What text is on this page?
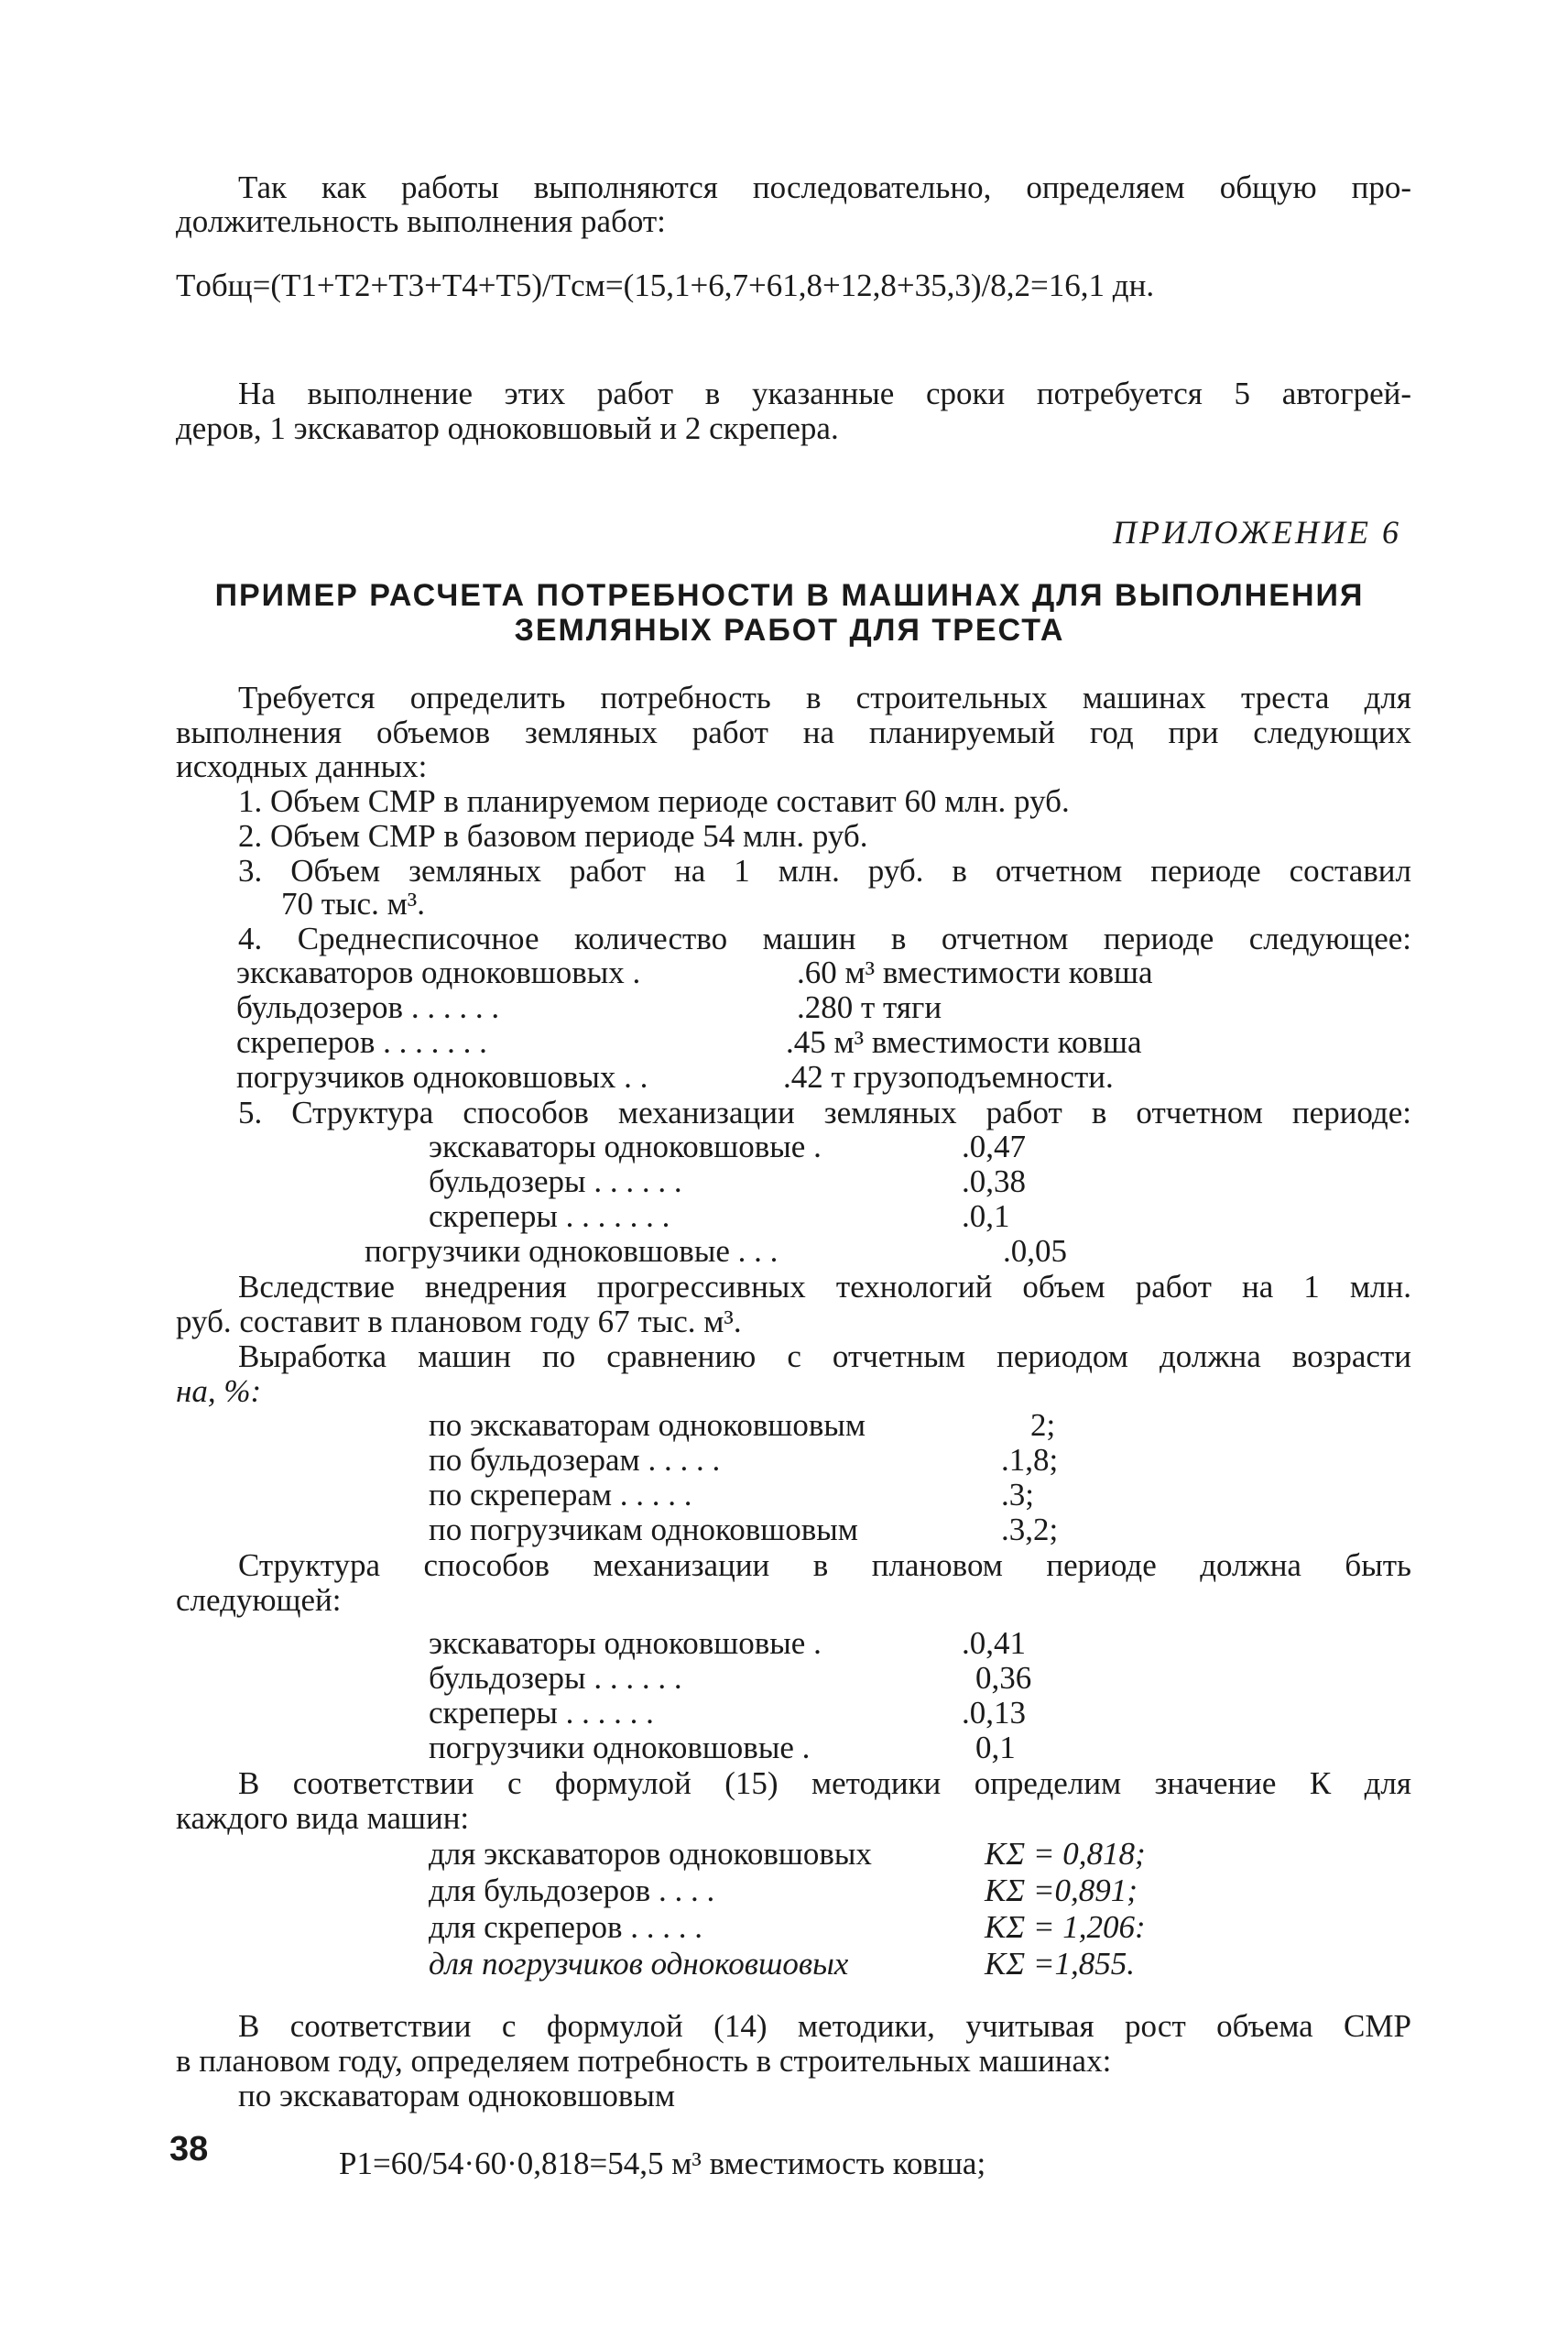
Так как работы выполняются последовательно, определяем общую про-
должительность выполнения работ:
Tобщ=(T1+T2+T3+T4+T5)/Tсм=(15,1+6,7+61,8+12,8+35,3)/8,2=16,1 дн.
На выполнение этих работ в указанные сроки потребуется 5 автогрей-
деров, 1 экскаватор одноковшовый и 2 скрепера.
ПРИЛОЖЕНИЕ 6
ПРИМЕР РАСЧЕТА ПОТРЕБНОСТИ В МАШИНАХ ДЛЯ ВЫПОЛНЕНИЯ
ЗЕМЛЯНЫХ РАБОТ ДЛЯ ТРЕСТА
Требуется определить потребность в строительных машинах треста для
выполнения объемов земляных работ на планируемый год при следующих
исходных данных:
1. Объем СМР в планируемом периоде составит 60 млн. руб.
2. Объем СМР в базовом периоде 54 млн. руб.
3. Объем земляных работ на 1 млн. руб. в отчетном периоде составил
70 тыс. м³.
4. Среднесписочное количество машин в отчетном периоде следующее:
экскаваторов одноковшовых .	.60 м³ вместимости ковша
бульдозеров . . . . . .	.280 т тяги
скреперов . . . . . . .	.45 м³ вместимости ковша
погрузчиков одноковшовых . .	.42 т грузоподъемности.
5. Структура способов механизации земляных работ в отчетном периоде:
экскаваторы одноковшовые .	.0,47
бульдозеры . . . . . .	.0,38
скреперы . . . . . . .	.0,1
погрузчики одноковшовые . . .	.0,05
Вследствие внедрения прогрессивных технологий объем работ на 1 млн.
руб. составит в плановом году 67 тыс. м³.
Выработка машин по сравнению с отчетным периодом должна возрасти
на, %:
по экскаваторам одноковшовым	2;
по бульдозерам . . . . .	.1,8;
по скреперам . . . . .	.3;
по погрузчикам одноковшовым	.3,2;
Структура способов механизации в плановом периоде должна быть
следующей:
экскаваторы одноковшовые .	.0,41
бульдозеры . . . . . .	0,36
скреперы . . . . . .	.0,13
погрузчики одноковшовые .	0,1
В соответствии с формулой (15) методики определим значение К для
каждого вида машин:
для экскаваторов одноковшовых	KΣ = 0,818;
для бульдозеров . . . .	KΣ =0,891;
для скреперов . . . . .	KΣ = 1,206:
для погрузчиков одноковшовых	KΣ =1,855.
В соответствии с формулой (14) методики, учитывая рост объема СМР
в плановом году, определяем потребность в строительных машинах:
по экскаваторам одноковшовым
P1=60/54·60·0,818=54,5 м³ вместимость ковша;
38
